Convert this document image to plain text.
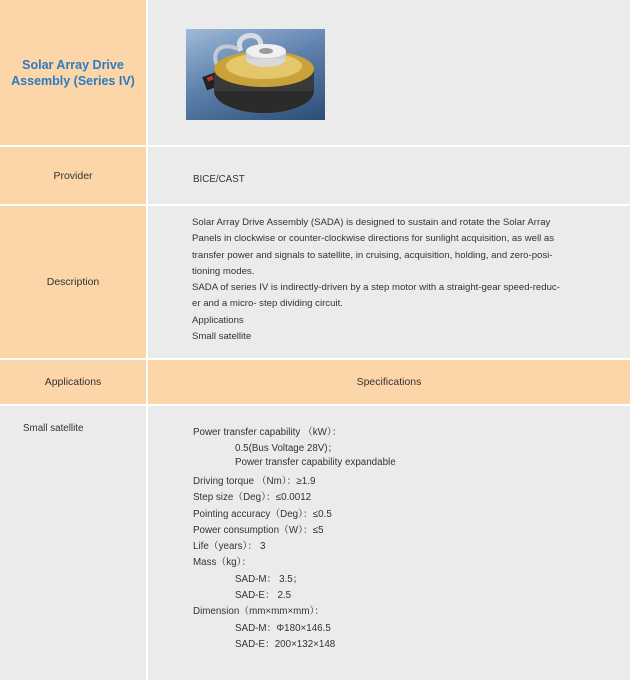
Solar Array Drive
Assembly (Series IV)
Provider	BICE/CAST
Description

Solar Array Drive Assembly (SADA) is designed to sustain and rotate the Solar Array

Panels in clockwise or counter-clockwise directions for sunlight acquisition, as well as

transfer power and signals to satellite, in cruising, acquisition, holding, and zero-posi-

tioning modes.

SADA of series IV is indirectly-driven by a step motor with a straight-gear speed-reduc-

er and a micro- step dividing circuit.

Applications

Small satellite

Applications	Specifications
Small satellite	Power transfer capability （kW）：
0.5(Bus Voltage 28V)；
Power transfer capability expandable
Driving torque （Nm）：≥1.9
Step size（Deg）：≤0.0012
Pointing accuracy（Deg）：≤0.5
Power consumption（W）：≤5
Life（years）： 3
Mass（kg）：
SAD-M： 3.5；
SAD-E： 2.5
Dimension（mm×mm×mm）：
SAD-M：Φ180×146.5
SAD-E：200×132×148
